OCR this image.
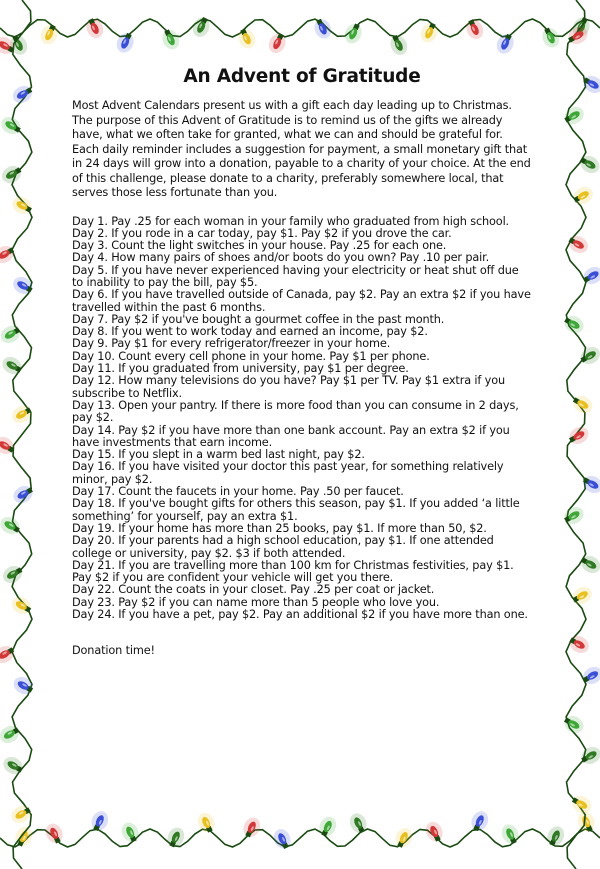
An Advent of Gratitude

Most Advent Calendars present us with a gift each day leading up to Christmas. The purpose of this Advent of Gratitude is to remind us of the gifts we already have, what we often take for granted, what we can and should be grateful for. Each daily reminder includes a suggestion for payment, a small monetary gift that in 24 days will grow into a donation, payable to a charity of your choice. At the end of this challenge, please donate to a charity, preferably somewhere local, that serves those less fortunate than you.

Day 1. Pay .25 for each woman in your family who graduated from high school.
Day 2. If you rode in a car today, pay $1. Pay $2 if you drove the car.
Day 3. Count the light switches in your house. Pay .25 for each one.
Day 4. How many pairs of shoes and/or boots do you own? Pay .10 per pair.
Day 5. If you have never experienced having your electricity or heat shut off due to inability to pay the bill, pay $5.
Day 6. If you have travelled outside of Canada, pay $2. Pay an extra $2 if you have travelled within the past 6 months.
Day 7. Pay $2 if you've bought a gourmet coffee in the past month.
Day 8. If you went to work today and earned an income, pay $2.
Day 9. Pay $1 for every refrigerator/freezer in your home.
Day 10. Count every cell phone in your home. Pay $1 per phone.
Day 11. If you graduated from university, pay $1 per degree.
Day 12. How many televisions do you have? Pay $1 per TV. Pay $1 extra if you subscribe to Netflix.
Day 13. Open your pantry. If there is more food than you can consume in 2 days, pay $2.
Day 14. Pay $2 if you have more than one bank account. Pay an extra $2 if you have investments that earn income.
Day 15. If you slept in a warm bed last night, pay $2.
Day 16. If you have visited your doctor this past year, for something relatively minor, pay $2.
Day 17. Count the faucets in your home. Pay .50 per faucet.
Day 18. If you've bought gifts for others this season, pay $1. If you added ‘a little something’ for yourself, pay an extra $1.
Day 19. If your home has more than 25 books, pay $1. If more than 50, $2.
Day 20. If your parents had a high school education, pay $1. If one attended college or university, pay $2. $3 if both attended.
Day 21. If you are travelling more than 100 km for Christmas festivities, pay $1. Pay $2 if you are confident your vehicle will get you there.
Day 22. Count the coats in your closet. Pay .25 per coat or jacket.
Day 23. Pay $2 if you can name more than 5 people who love you.
Day 24. If you have a pet, pay $2. Pay an additional $2 if you have more than one.

Donation time!
